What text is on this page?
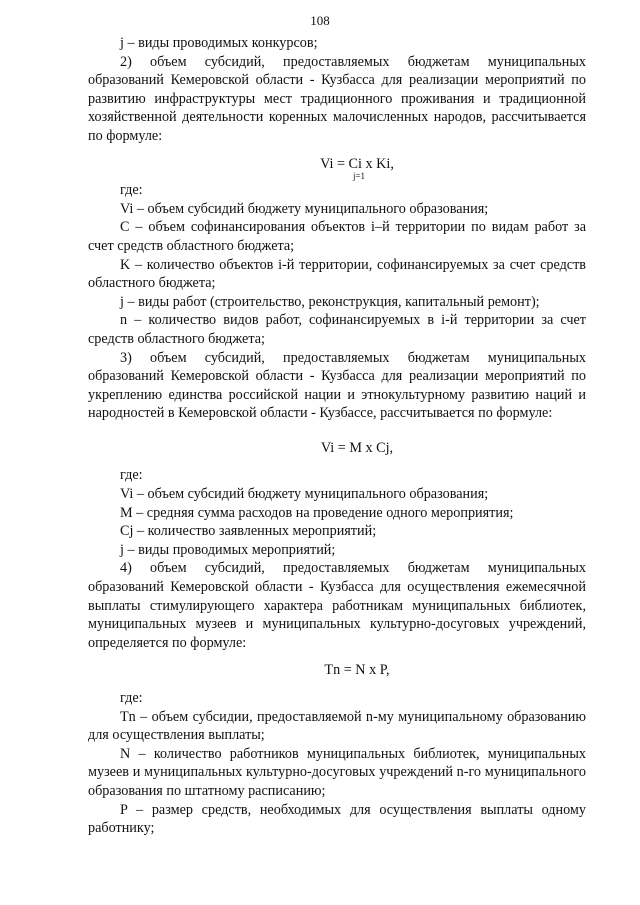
108

j – виды проводимых конкурсов;

2) объем субсидий, предоставляемых бюджетам муниципальных образований Кемеровской области - Кузбасса для реализации мероприятий по развитию инфраструктуры мест традиционного проживания и традиционной хозяйственной деятельности коренных малочисленных народов, рассчитывается по формуле:

Vi = Ci x Ki,

j=1

где:

Vi – объем субсидий бюджету муниципального образования;

C – объем софинансирования объектов i–й территории по видам работ за счет средств областного бюджета;

K – количество объектов i-й территории, софинансируемых за счет средств областного бюджета;

j – виды работ (строительство, реконструкция, капитальный ремонт);

n – количество видов работ, софинансируемых в i-й территории за счет средств областного бюджета;

3) объем субсидий, предоставляемых бюджетам муниципальных образований Кемеровской области - Кузбасса для реализации мероприятий по укреплению единства российской нации и этнокультурному развитию наций и народностей в Кемеровской области - Кузбассе, рассчитывается по формуле:

Vi = M x Cj,

где:

Vi – объем субсидий бюджету муниципального образования;

М – средняя сумма расходов на проведение одного мероприятия;

Cj – количество заявленных мероприятий;

j – виды проводимых мероприятий;

4) объем субсидий, предоставляемых бюджетам муниципальных образований Кемеровской области - Кузбасса для осуществления ежемесячной выплаты стимулирующего характера работникам муниципальных библиотек, муниципальных музеев и муниципальных культурно-досуговых учреждений, определяется по формуле:

Tn = N x P,

где:

Tn – объем субсидии, предоставляемой n-му муниципальному образованию для осуществления выплаты;

N – количество работников муниципальных библиотек, муниципальных музеев и муниципальных культурно-досуговых учреждений n-го муниципального образования по штатному расписанию;

P – размер средств, необходимых для осуществления выплаты одному работнику;
